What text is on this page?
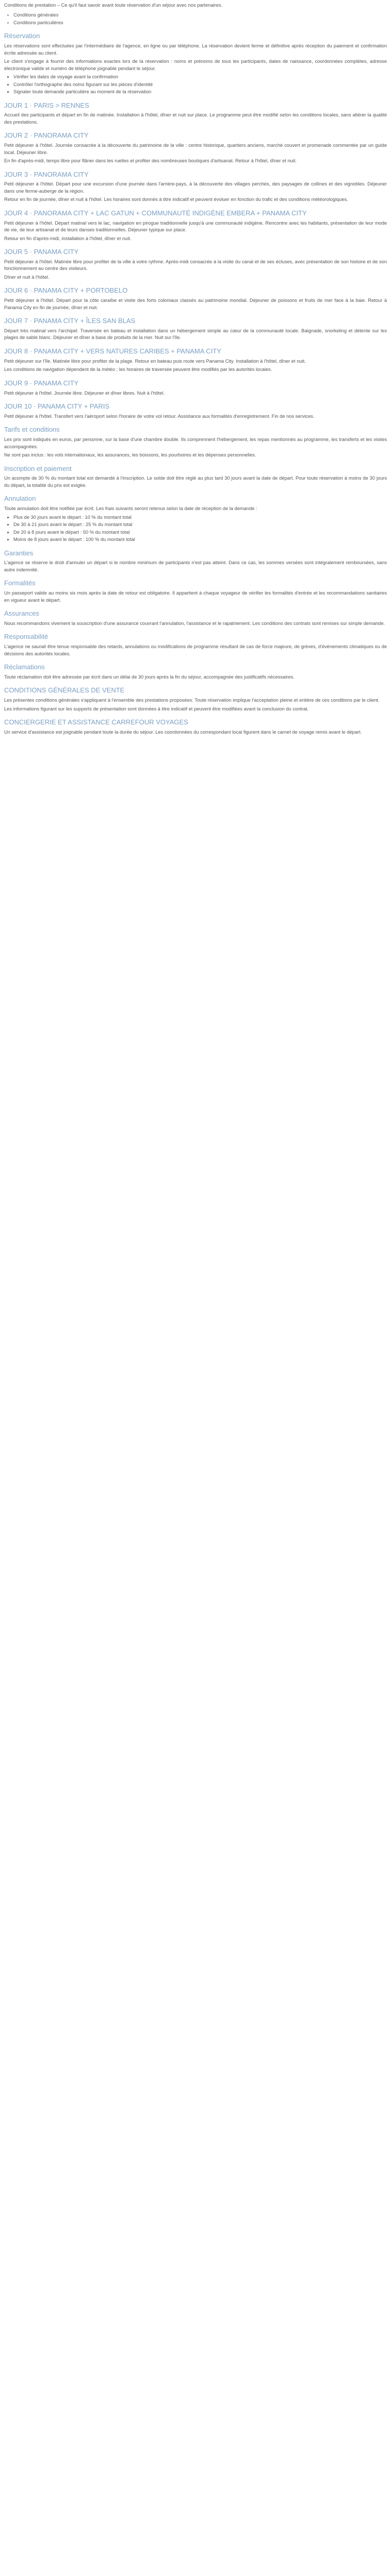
Conditions de prestation – Ce qu'il faut savoir avant toute réservation d'un séjour avec nos partenaires.

• Conditions générales
• Conditions particulières
Réservation

Les réservations sont effectuées par l'intermédiaire de l'agence, en ligne ou par téléphone. La réservation devient ferme et définitive après réception du paiement et confirmation écrite adressée au client.

Le client s'engage à fournir des informations exactes lors de la réservation : noms et prénoms de tous les participants, dates de naissance, coordonnées complètes, adresse électronique valide et numéro de téléphone joignable pendant le séjour.

• Vérifier les dates de voyage avant la confirmation
• Contrôler l'orthographe des noms figurant sur les pièces d'identité
• Signaler toute demande particulière au moment de la réservation
JOUR 1 · PARIS > RENNES

Accueil des participants et départ en fin de matinée. Installation à l'hôtel, dîner et nuit sur place. Le programme peut être modifié selon les conditions locales, sans altérer la qualité des prestations.

JOUR 2 · PANORAMA CITY

Petit déjeuner à l'hôtel. Journée consacrée à la découverte du patrimoine de la ville : centre historique, quartiers anciens, marché couvert et promenade commentée par un guide local. Déjeuner libre.

En fin d'après-midi, temps libre pour flâner dans les ruelles et profiter des nombreuses boutiques d'artisanat. Retour à l'hôtel, dîner et nuit.

JOUR 3 · PANORAMA CITY

Petit déjeuner à l'hôtel. Départ pour une excursion d'une journée dans l'arrière-pays, à la découverte des villages perchés, des paysages de collines et des vignobles. Déjeuner dans une ferme-auberge de la région.

Retour en fin de journée, dîner et nuit à l'hôtel. Les horaires sont donnés à titre indicatif et peuvent évoluer en fonction du trafic et des conditions météorologiques.

JOUR 4 · PANORAMA CITY + LAC GATUN + COMMUNAUTÉ INDIGÈNE EMBERA + PANAMA CITY

Petit déjeuner à l'hôtel. Départ matinal vers le lac, navigation en pirogue traditionnelle jusqu'à une communauté indigène. Rencontre avec les habitants, présentation de leur mode de vie, de leur artisanat et de leurs danses traditionnelles. Déjeuner typique sur place.

Retour en fin d'après-midi, installation à l'hôtel, dîner et nuit.

JOUR 5 · PANAMA CITY

Petit déjeuner à l'hôtel. Matinée libre pour profiter de la ville à votre rythme. Après-midi consacrée à la visite du canal et de ses écluses, avec présentation de son histoire et de son fonctionnement au centre des visiteurs.

Dîner et nuit à l'hôtel.

JOUR 6 · PANAMA CITY + PORTOBELO

Petit déjeuner à l'hôtel. Départ pour la côte caraïbe et visite des forts coloniaux classés au patrimoine mondial. Déjeuner de poissons et fruits de mer face à la baie. Retour à Panama City en fin de journée, dîner et nuit.

JOUR 7 · PANAMA CITY + ÎLES SAN BLAS

Départ très matinal vers l'archipel. Traversée en bateau et installation dans un hébergement simple au cœur de la communauté locale. Baignade, snorkeling et détente sur les plages de sable blanc. Déjeuner et dîner à base de produits de la mer. Nuit sur l'île.

JOUR 8 · PANAMA CITY + VERS NATURES CARIBES + PANAMA CITY

Petit déjeuner sur l'île. Matinée libre pour profiter de la plage. Retour en bateau puis route vers Panama City. Installation à l'hôtel, dîner et nuit.

Les conditions de navigation dépendent de la météo ; les horaires de traversée peuvent être modifiés par les autorités locales.

JOUR 9 · PANAMA CITY

Petit déjeuner à l'hôtel. Journée libre. Déjeuner et dîner libres. Nuit à l'hôtel.

JOUR 10 · PANAMA CITY + PARIS

Petit déjeuner à l'hôtel. Transfert vers l'aéroport selon l'horaire de votre vol retour. Assistance aux formalités d'enregistrement. Fin de nos services.

Tarifs et conditions

Les prix sont indiqués en euros, par personne, sur la base d'une chambre double. Ils comprennent l'hébergement, les repas mentionnés au programme, les transferts et les visites accompagnées.

Ne sont pas inclus : les vols internationaux, les assurances, les boissons, les pourboires et les dépenses personnelles.

Inscription et paiement

Un acompte de 30 % du montant total est demandé à l'inscription. Le solde doit être réglé au plus tard 30 jours avant la date de départ. Pour toute réservation à moins de 30 jours du départ, la totalité du prix est exigée.

Annulation

Toute annulation doit être notifiée par écrit. Les frais suivants seront retenus selon la date de réception de la demande :

• Plus de 30 jours avant le départ : 10 % du montant total
• De 30 à 21 jours avant le départ : 25 % du montant total
• De 20 à 8 jours avant le départ : 50 % du montant total
• Moins de 8 jours avant le départ : 100 % du montant total
Garanties

L'agence se réserve le droit d'annuler un départ si le nombre minimum de participants n'est pas atteint. Dans ce cas, les sommes versées sont intégralement remboursées, sans autre indemnité.

Formalités

Un passeport valide au moins six mois après la date de retour est obligatoire. Il appartient à chaque voyageur de vérifier les formalités d'entrée et les recommandations sanitaires en vigueur avant le départ.

Assurances

Nous recommandons vivement la souscription d'une assurance couvrant l'annulation, l'assistance et le rapatriement. Les conditions des contrats sont remises sur simple demande.

Responsabilité

L'agence ne saurait être tenue responsable des retards, annulations ou modifications de programme résultant de cas de force majeure, de grèves, d'événements climatiques ou de décisions des autorités locales.

Réclamations

Toute réclamation doit être adressée par écrit dans un délai de 30 jours après la fin du séjour, accompagnée des justificatifs nécessaires.

CONDITIONS GÉNÉRALES DE VENTE

Les présentes conditions générales s'appliquent à l'ensemble des prestations proposées. Toute réservation implique l'acceptation pleine et entière de ces conditions par le client.

Les informations figurant sur les supports de présentation sont données à titre indicatif et peuvent être modifiées avant la conclusion du contrat.

CONCIERGERIE ET ASSISTANCE CARREFOUR VOYAGES

Un service d'assistance est joignable pendant toute la durée du séjour. Les coordonnées du correspondant local figurent dans le carnet de voyage remis avant le départ.
